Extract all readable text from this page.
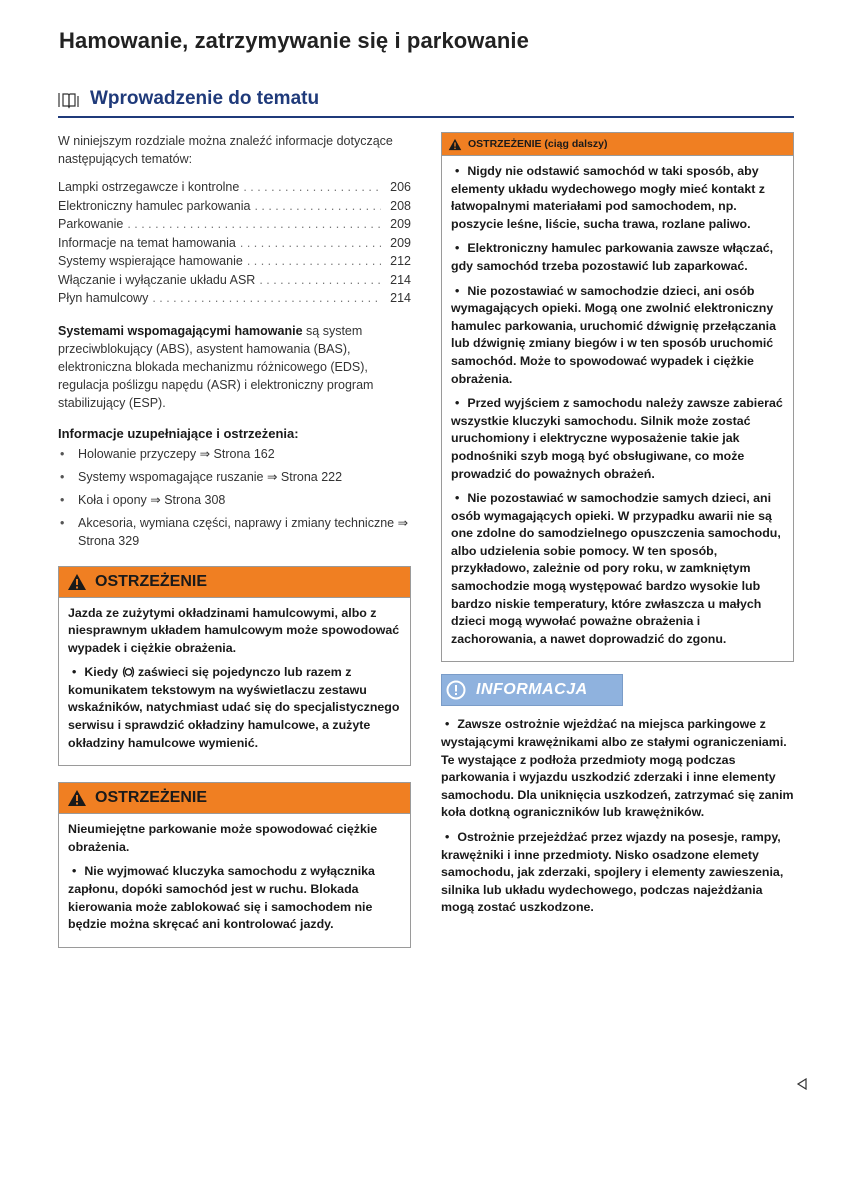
Hamowanie, zatrzymywanie się i parkowanie
Wprowadzenie do tematu

W niniejszym rozdziale można znaleźć informacje dotyczące następujących tematów:

Lampki ostrzegawcze i kontrolne . . .	206
Elektroniczny hamulec parkowania . . .	208
Parkowanie . . .	209
Informacje na temat hamowania . . .	209
Systemy wspierające hamowanie . . .	212
Włączanie i wyłączanie układu ASR . . .	214
Płyn hamulcowy . . .	214

Systemami wspomagającymi hamowanie są system przeciwblokujący (ABS), asystent hamowania (BAS), elektroniczna blokada mechanizmu różnicowego (EDS), regulacja poślizgu napędu (ASR) i elektroniczny program stabilizujący (ESP).

Informacje uzupełniające i ostrzeżenia:
• Holowanie przyczepy ⇒ Strona 162
• Systemy wspomagające ruszanie ⇒ Strona 222
• Koła i opony ⇒ Strona 308
• Akcesoria, wymiana części, naprawy i zmiany techniczne ⇒ Strona 329
OSTRZEŻENIE

Jazda ze zużytymi okładzinami hamulcowymi, albo z niesprawnym układem hamulcowym może spowodować wypadek i ciężkie obrażenia.

• Kiedy  zaświeci się pojedynczo lub razem z komunikatem tekstowym na wyświetlaczu zestawu wskaźników, natychmiast udać się do specjalistycznego serwisu i sprawdzić okładziny hamulcowe, a zużyte okładziny hamulcowe wymienić.

OSTRZEŻENIE

Nieumiejętne parkowanie może spowodować ciężkie obrażenia.

• Nie wyjmować kluczyka samochodu z wyłącznika zapłonu, dopóki samochód jest w ruchu. Blokada kierowania może zablokować się i samochodem nie będzie można skręcać ani kontrolować jazdy.

OSTRZEŻENIE (ciąg dalszy)

• Nigdy nie odstawić samochód w taki sposób, aby elementy układu wydechowego mogły mieć kontakt z łatwopalnymi materiałami pod samochodem, np. poszycie leśne, liście, sucha trawa, rozlane paliwo.

• Elektroniczny hamulec parkowania zawsze włączać, gdy samochód trzeba pozostawić lub zaparkować.

• Nie pozostawiać w samochodzie dzieci, ani osób wymagających opieki. Mogą one zwolnić elektroniczny hamulec parkowania, uruchomić dźwignię przełączania lub dźwignię zmiany biegów i w ten sposób uruchomić samochód. Może to spowodować wypadek i ciężkie obrażenia.

• Przed wyjściem z samochodu należy zawsze zabierać wszystkie kluczyki samochodu. Silnik może zostać uruchomiony i elektryczne wyposażenie takie jak podnośniki szyb mogą być obsługiwane, co może prowadzić do poważnych obrażeń.

• Nie pozostawiać w samochodzie samych dzieci, ani osób wymagających opieki. W przypadku awarii nie są one zdolne do samodzielnego opuszczenia samochodu, albo udzielenia sobie pomocy. W ten sposób, przykładowo, zależnie od pory roku, w zamkniętym samochodzie mogą występować bardzo wysokie lub bardzo niskie temperatury, które zwłaszcza u małych dzieci mogą wywołać poważne obrażenia i zachorowania, a nawet doprowadzić do zgonu.

INFORMACJA

• Zawsze ostrożnie wjeżdżać na miejsca parkingowe z wystającymi krawężnikami albo ze stałymi ograniczeniami. Te wystające z podłoża przedmioty mogą podczas parkowania i wyjazdu uszkodzić zderzaki i inne elementy samochodu. Dla uniknięcia uszkodzeń, zatrzymać się zanim koła dotkną ograniczników lub krawężników.

• Ostrożnie przejeżdżać przez wjazdy na posesje, rampy, krawężniki i inne przedmioty. Nisko osadzone elemety samochodu, jak zderzaki, spojlery i elementy zawieszenia, silnika lub układu wydechowego, podczas najeżdżania mogą zostać uszkodzone.
